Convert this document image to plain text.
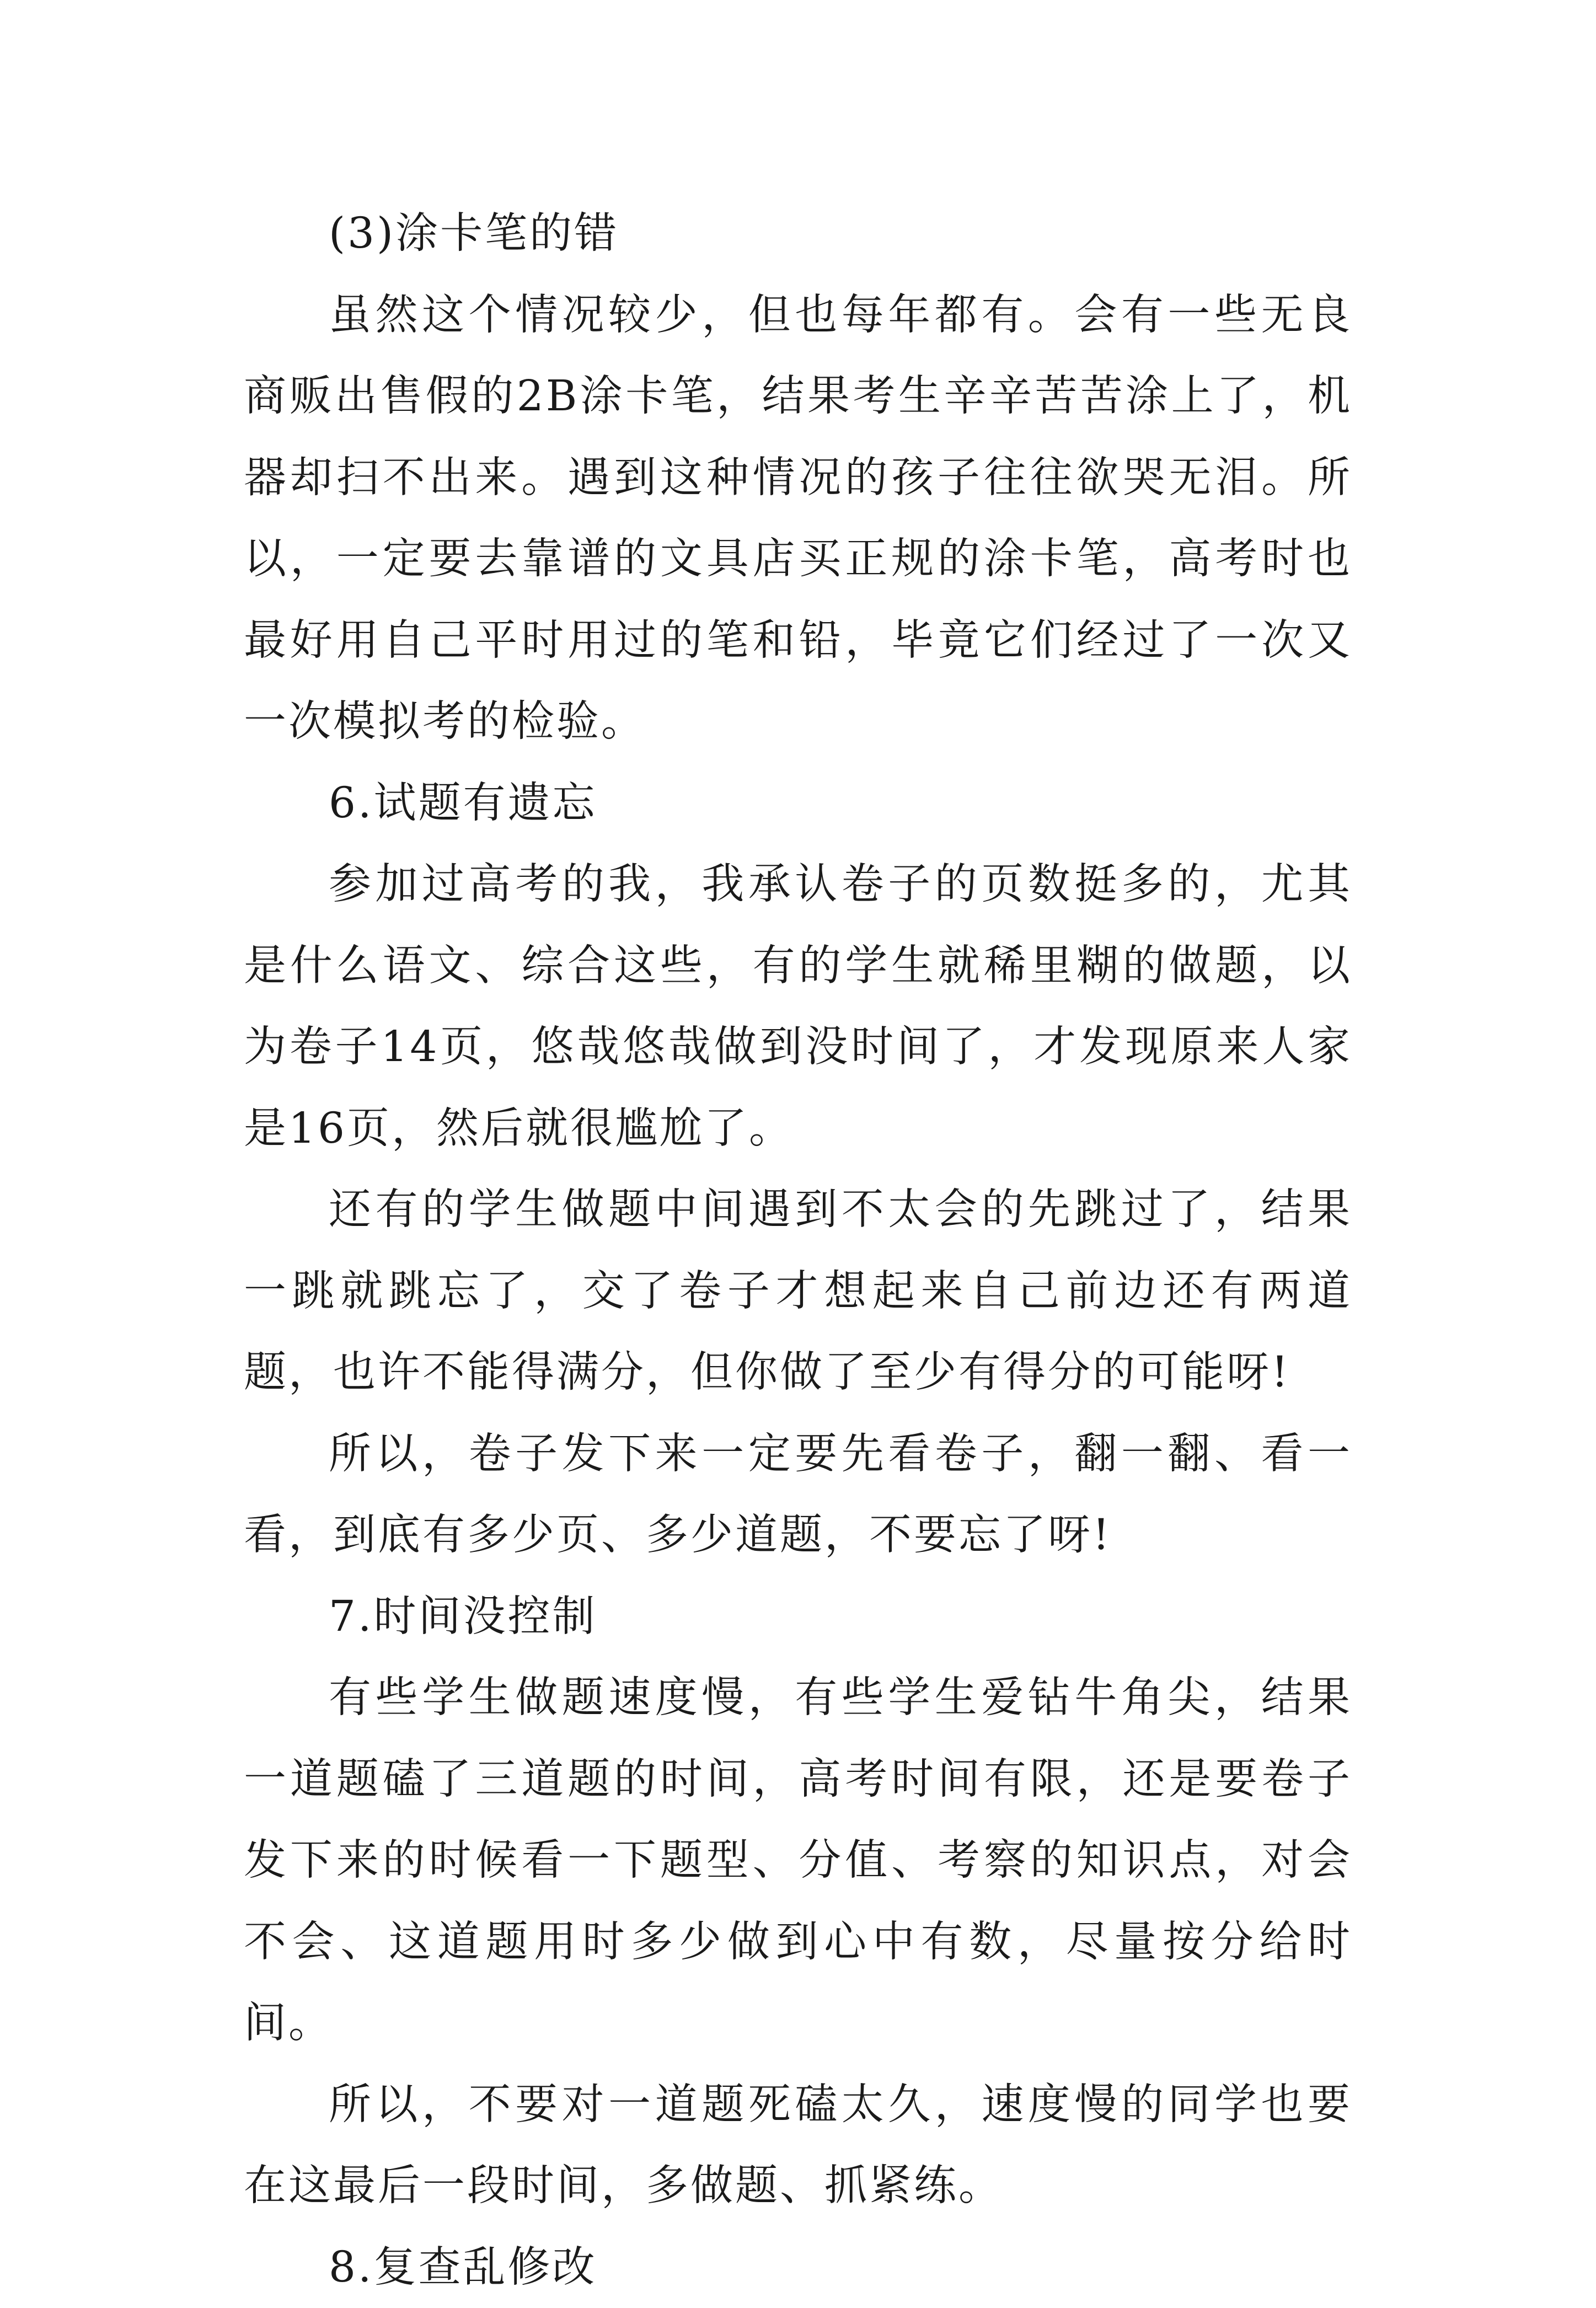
(3)涂卡笔的错

虽然这个情况较少，但也每年都有。会有一些无良商贩出售假的2B涂卡笔，结果考生辛辛苦苦涂上了，机器却扫不出来。遇到这种情况的孩子往往欲哭无泪。所以，一定要去靠谱的文具店买正规的涂卡笔，高考时也最好用自己平时用过的笔和铅，毕竟它们经过了一次又一次模拟考的检验。

6.试题有遗忘

参加过高考的我，我承认卷子的页数挺多的，尤其是什么语文、综合这些，有的学生就稀里糊的做题，以为卷子14页，悠哉悠哉做到没时间了，才发现原来人家是16页，然后就很尴尬了。

还有的学生做题中间遇到不太会的先跳过了，结果一跳就跳忘了，交了卷子才想起来自己前边还有两道题，也许不能得满分，但你做了至少有得分的可能呀!

所以，卷子发下来一定要先看卷子，翻一翻、看一看，到底有多少页、多少道题，不要忘了呀!

7.时间没控制

有些学生做题速度慢，有些学生爱钻牛角尖，结果一道题磕了三道题的时间，高考时间有限，还是要卷子发下来的时候看一下题型、分值、考察的知识点，对会不会、这道题用时多少做到心中有数，尽量按分给时间。

所以，不要对一道题死磕太久，速度慢的同学也要在这最后一段时间，多做题、抓紧练。

8.复查乱修改
